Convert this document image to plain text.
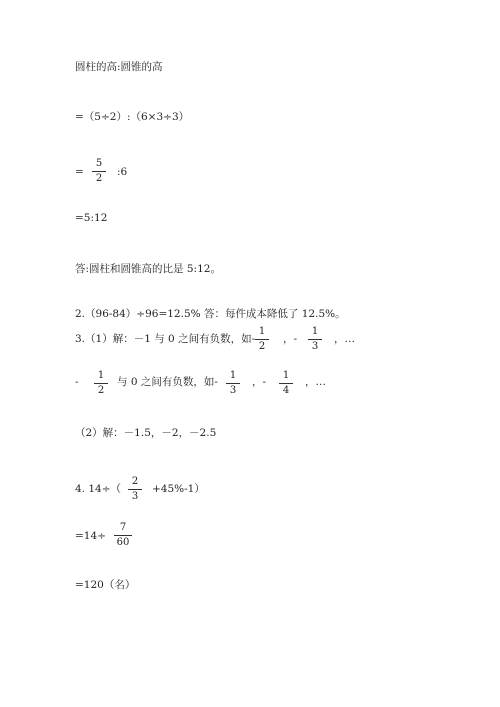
圆柱的高:圆锥的高
=（5÷2）:（6×3÷3）
=
5
2
:6
=5:12
答:圆柱和圆锥高的比是 5:12。
2.（96-84）÷96=12.5% 答：每件成本降低了 12.5%。
3.（1）解：－1 与 0 之间有负数，如-
1
2
，-
1
3
，…
-
1
2
与 0 之间有负数，如-
1
3
，-
1
4
，…
（2）解：－1.5，－2，－2.5
4. 14÷（
2
3
+45%-1）
=14÷
7
60
=120（名）
